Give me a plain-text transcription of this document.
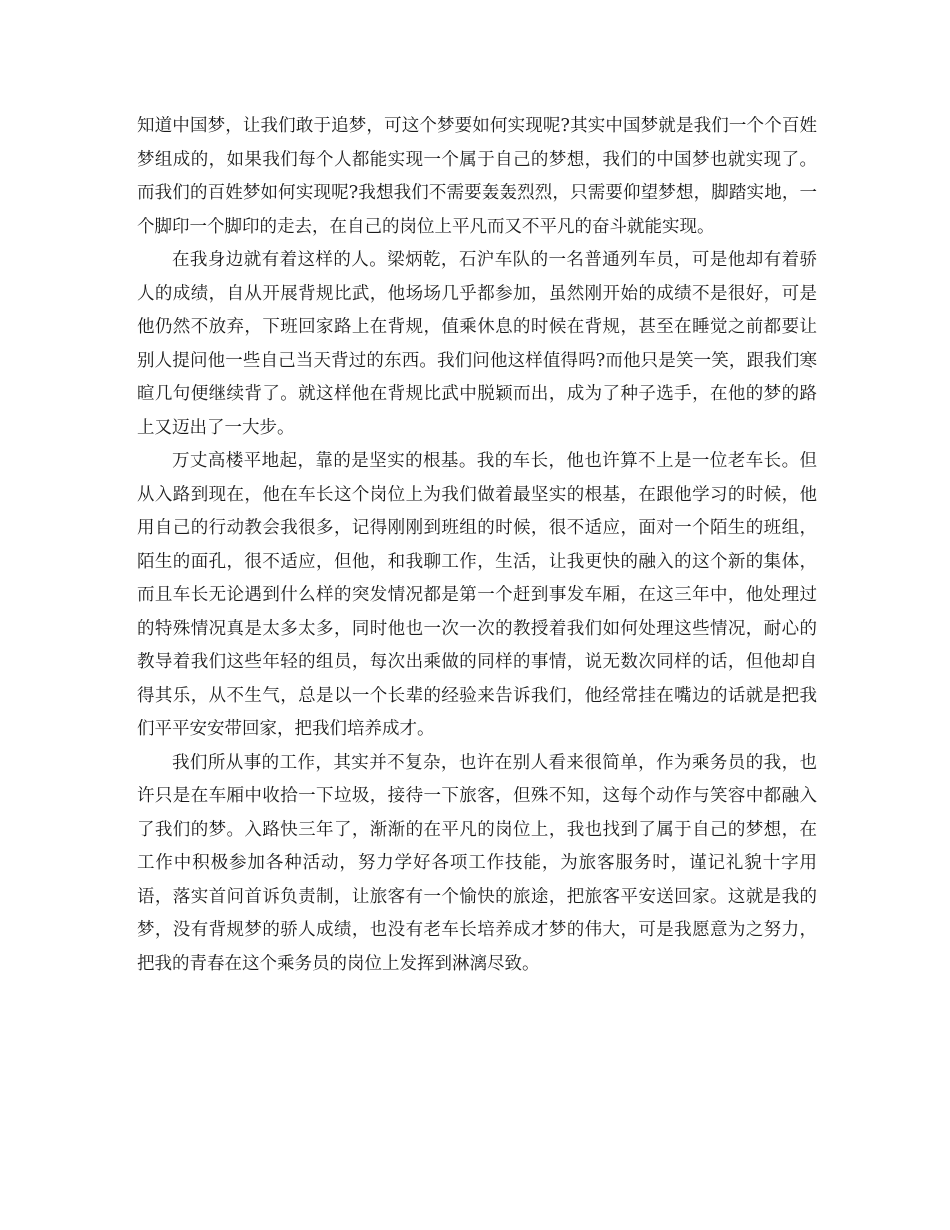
知道中国梦，让我们敢于追梦，可这个梦要如何实现呢?其实中国梦就是我们一个个百姓梦组成的，如果我们每个人都能实现一个属于自己的梦想，我们的中国梦也就实现了。而我们的百姓梦如何实现呢?我想我们不需要轰轰烈烈，只需要仰望梦想，脚踏实地，一个脚印一个脚印的走去，在自己的岗位上平凡而又不平凡的奋斗就能实现。

在我身边就有着这样的人。梁炳乾，石沪车队的一名普通列车员，可是他却有着骄人的成绩，自从开展背规比武，他场场几乎都参加，虽然刚开始的成绩不是很好，可是他仍然不放弃，下班回家路上在背规，值乘休息的时候在背规，甚至在睡觉之前都要让别人提问他一些自己当天背过的东西。我们问他这样值得吗?而他只是笑一笑，跟我们寒暄几句便继续背了。就这样他在背规比武中脱颖而出，成为了种子选手，在他的梦的路上又迈出了一大步。

万丈高楼平地起，靠的是坚实的根基。我的车长，他也许算不上是一位老车长。但从入路到现在，他在车长这个岗位上为我们做着最坚实的根基，在跟他学习的时候，他用自己的行动教会我很多，记得刚刚到班组的时候，很不适应，面对一个陌生的班组，陌生的面孔，很不适应，但他，和我聊工作，生活，让我更快的融入的这个新的集体，而且车长无论遇到什么样的突发情况都是第一个赶到事发车厢，在这三年中，他处理过的特殊情况真是太多太多，同时他也一次一次的教授着我们如何处理这些情况，耐心的教导着我们这些年轻的组员，每次出乘做的同样的事情，说无数次同样的话，但他却自得其乐，从不生气，总是以一个长辈的经验来告诉我们，他经常挂在嘴边的话就是把我们平平安安带回家，把我们培养成才。

我们所从事的工作，其实并不复杂，也许在别人看来很简单，作为乘务员的我，也许只是在车厢中收拾一下垃圾，接待一下旅客，但殊不知，这每个动作与笑容中都融入了我们的梦。入路快三年了，渐渐的在平凡的岗位上，我也找到了属于自己的梦想，在工作中积极参加各种活动，努力学好各项工作技能，为旅客服务时，谨记礼貌十字用语，落实首问首诉负责制，让旅客有一个愉快的旅途，把旅客平安送回家。这就是我的梦，没有背规梦的骄人成绩，也没有老车长培养成才梦的伟大，可是我愿意为之努力，把我的青春在这个乘务员的岗位上发挥到淋漓尽致。
